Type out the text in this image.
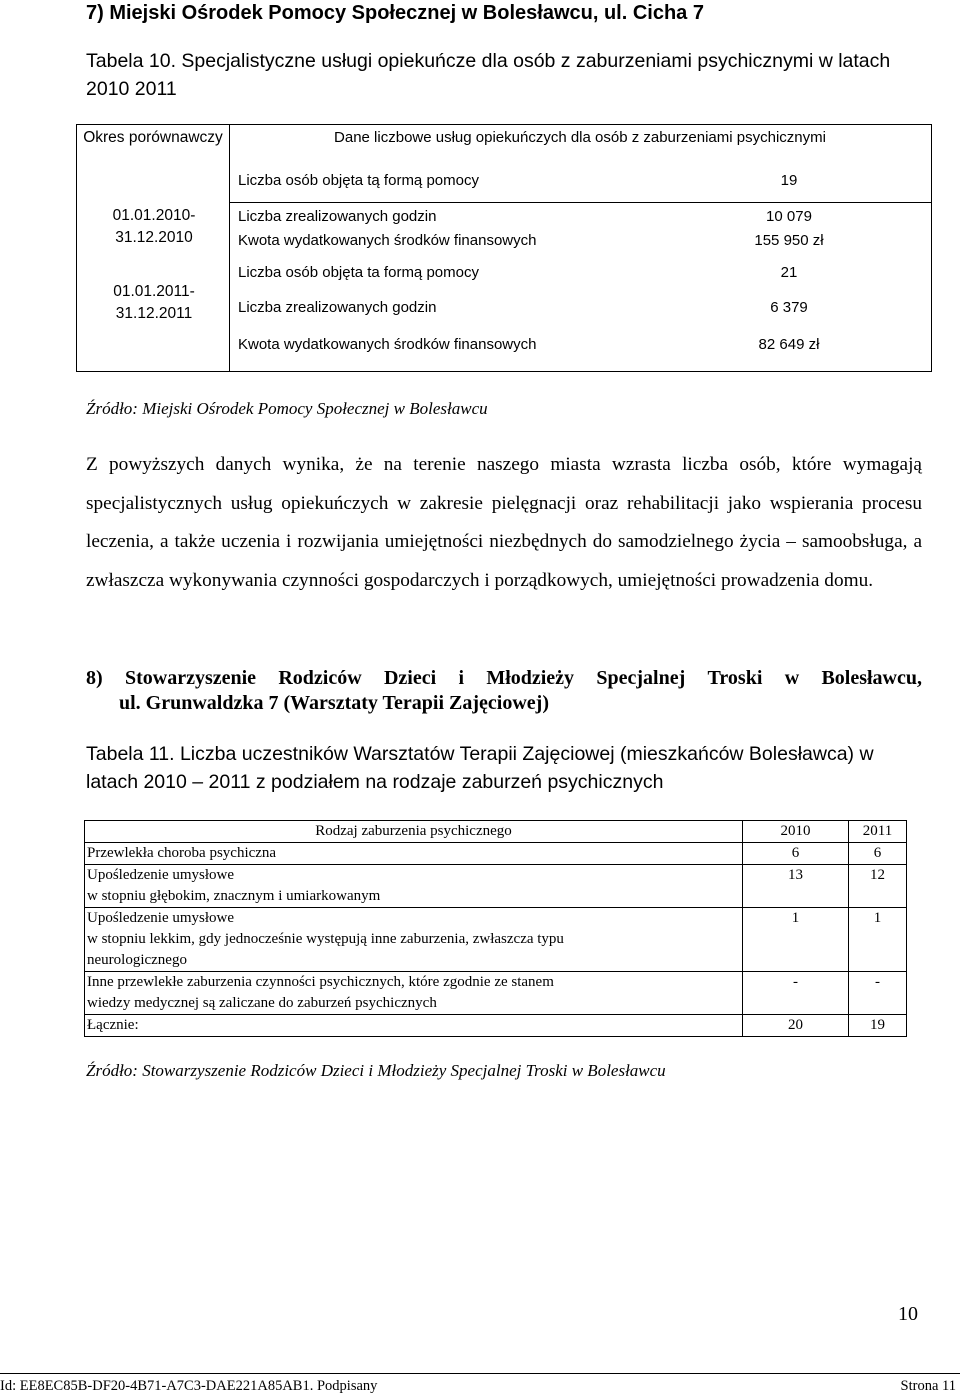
7) Miejski Ośrodek Pomocy Społecznej w Bolesławcu, ul. Cicha 7
Tabela 10. Specjalistyczne usługi opiekuńcze dla osób z zaburzeniami psychicznymi w latach 2010 2011
Okres porównawczy	Dane liczbowe usług opiekuńczych dla osób z zaburzeniami psychicznymi
01.01.2010-
31.12.2010
01.01.2011-
31.12.2011
Liczba osób objęta tą formą pomocy	19
Liczba zrealizowanych godzin	10 079
Kwota wydatkowanych środków finansowych	155 950 zł
Liczba osób objęta ta formą pomocy	21
Liczba zrealizowanych godzin	6 379
Kwota wydatkowanych środków finansowych	82 649 zł
Źródło: Miejski Ośrodek Pomocy Społecznej w Bolesławcu
Z powyższych danych wynika, że na terenie naszego miasta wzrasta liczba osób, które wymagają specjalistycznych usług opiekuńczych w zakresie pielęgnacji oraz rehabilitacji jako wspierania procesu leczenia, a także uczenia i rozwijania umiejętności niezbędnych do samodzielnego życia – samoobsługa, a zwłaszcza wykonywania czynności gospodarczych i porządkowych, umiejętności prowadzenia domu.
8) Stowarzyszenie Rodziców Dzieci i Młodzieży Specjalnej Troski w Bolesławcu,
ul. Grunwaldzka 7 (Warsztaty Terapii Zajęciowej)
Tabela 11. Liczba uczestników Warsztatów Terapii Zajęciowej (mieszkańców Bolesławca) w latach 2010 – 2011 z podziałem na rodzaje zaburzeń psychicznych
Rodzaj zaburzenia psychicznego	2010	2011
Przewlekła choroba psychiczna	6	6
Upośledzenie umysłowe
w stopniu głębokim, znacznym i umiarkowanym	13	12
Upośledzenie umysłowe
w stopniu lekkim, gdy jednocześnie występują inne zaburzenia, zwłaszcza typu
neurologicznego	1	1
Inne przewlekłe zaburzenia czynności psychicznych, które zgodnie ze stanem
wiedzy medycznej są zaliczane do zaburzeń psychicznych	-	-
Łącznie:	20	19
Źródło: Stowarzyszenie Rodziców Dzieci i Młodzieży Specjalnej Troski w Bolesławcu
10
Id: EE8EC85B-DF20-4B71-A7C3-DAE221A85AB1. Podpisany	Strona 11
